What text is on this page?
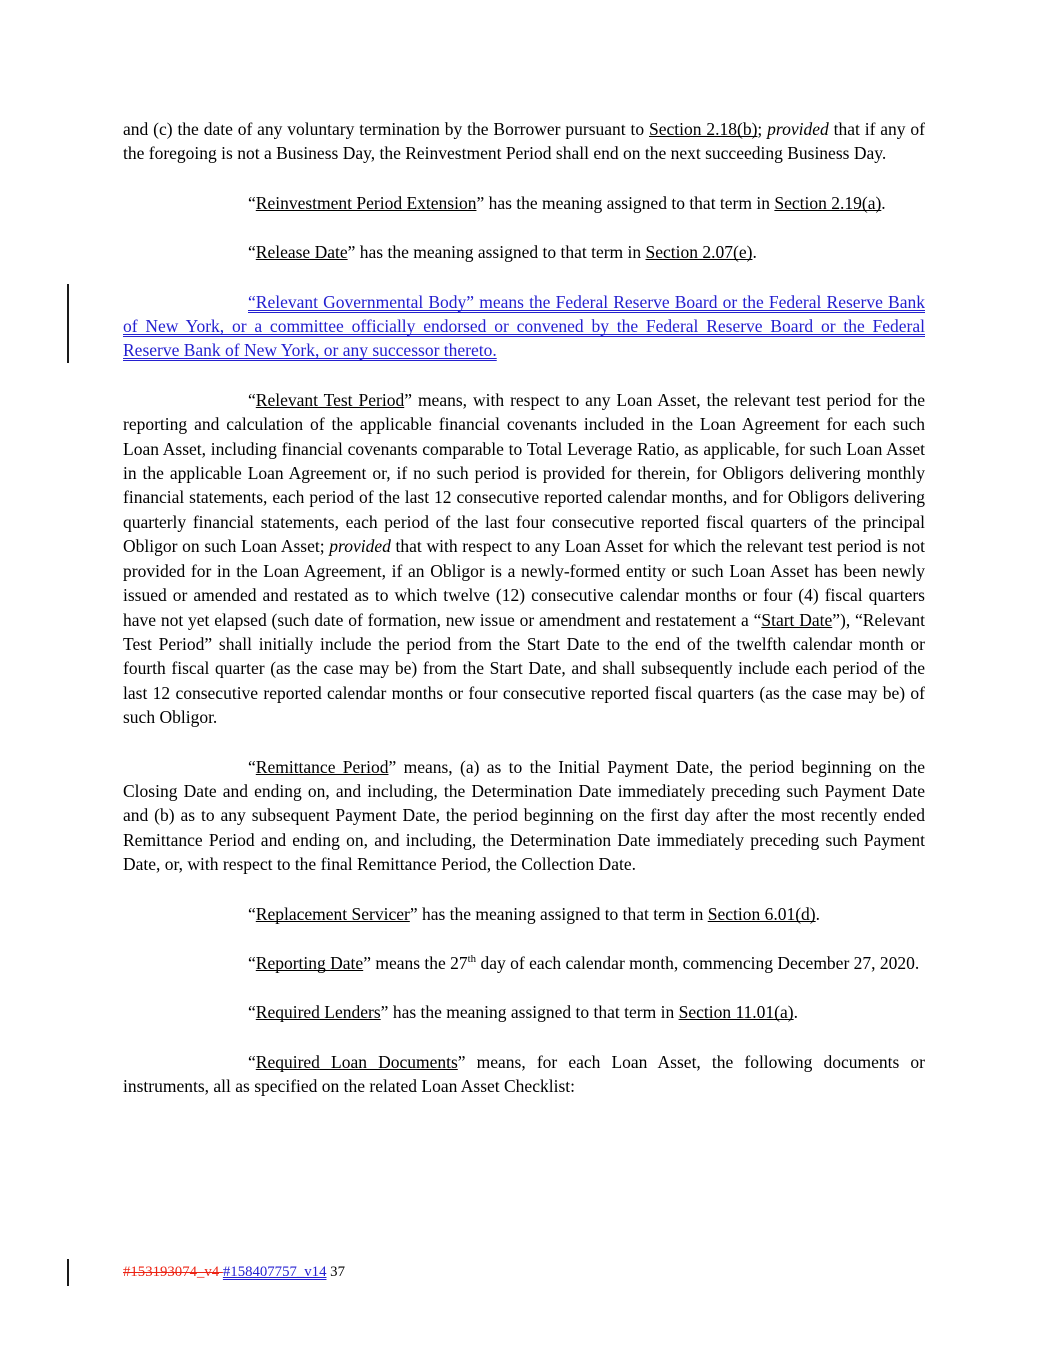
and (c) the date of any voluntary termination by the Borrower pursuant to Section 2.18(b); provided that if any of the foregoing is not a Business Day, the Reinvestment Period shall end on the next succeeding Business Day.

“Reinvestment Period Extension” has the meaning assigned to that term in Section 2.19(a).

“Release Date” has the meaning assigned to that term in Section 2.07(e).

“Relevant Governmental Body” means the Federal Reserve Board or the Federal Reserve Bank of New York, or a committee officially endorsed or convened by the Federal Reserve Board or the Federal Reserve Bank of New York, or any successor thereto.

“Relevant Test Period” means, with respect to any Loan Asset, the relevant test period for the reporting and calculation of the applicable financial covenants included in the Loan Agreement for each such Loan Asset, including financial covenants comparable to Total Leverage Ratio, as applicable, for such Loan Asset in the applicable Loan Agreement or, if no such period is provided for therein, for Obligors delivering monthly financial statements, each period of the last 12 consecutive reported calendar months, and for Obligors delivering quarterly financial statements, each period of the last four consecutive reported fiscal quarters of the principal Obligor on such Loan Asset; provided that with respect to any Loan Asset for which the relevant test period is not provided for in the Loan Agreement, if an Obligor is a newly-formed entity or such Loan Asset has been newly issued or amended and restated as to which twelve (12) consecutive calendar months or four (4) fiscal quarters have not yet elapsed (such date of formation, new issue or amendment and restatement a “Start Date”), “Relevant Test Period” shall initially include the period from the Start Date to the end of the twelfth calendar month or fourth fiscal quarter (as the case may be) from the Start Date, and shall subsequently include each period of the last 12 consecutive reported calendar months or four consecutive reported fiscal quarters (as the case may be) of such Obligor.

“Remittance Period” means, (a) as to the Initial Payment Date, the period beginning on the Closing Date and ending on, and including, the Determination Date immediately preceding such Payment Date and (b) as to any subsequent Payment Date, the period beginning on the first day after the most recently ended Remittance Period and ending on, and including, the Determination Date immediately preceding such Payment Date, or, with respect to the final Remittance Period, the Collection Date.

“Replacement Servicer” has the meaning assigned to that term in Section 6.01(d).

“Reporting Date” means the 27th day of each calendar month, commencing December 27, 2020.

“Required Lenders” has the meaning assigned to that term in Section 11.01(a).

“Required Loan Documents” means, for each Loan Asset, the following documents or instruments, all as specified on the related Loan Asset Checklist:

#153193074_v4 #158407757_v14 37
